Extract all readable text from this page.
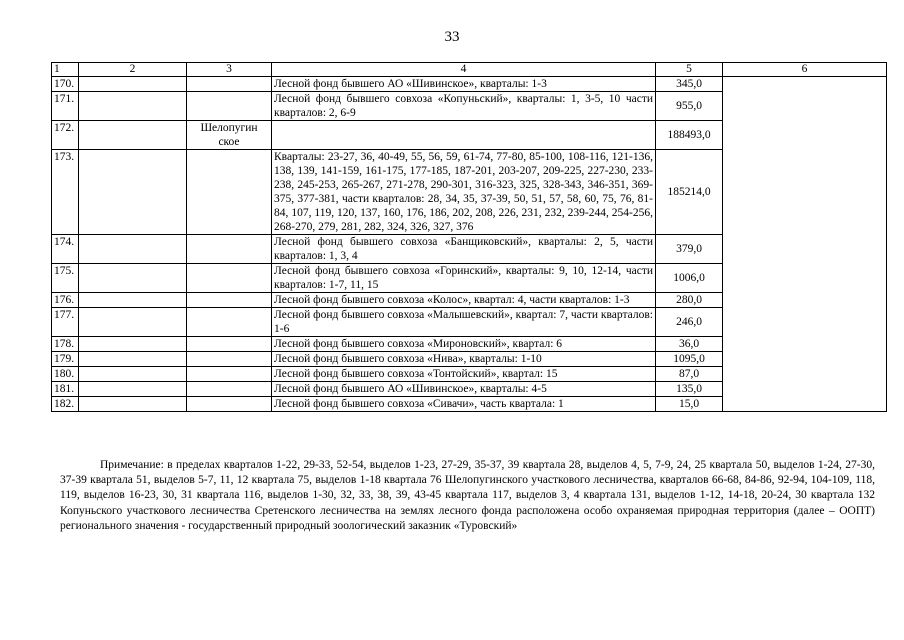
33
1	2	3	4	5	6
170.			Лесной фонд бывшего АО «Шивинское», кварталы: 1-3	345,0	
171.			Лесной фонд бывшего совхоза «Копуньский», кварталы: 1, 3-5, 10 части кварталов: 2, 6-9	955,0	
172.		Шелопугин ское		188493,0	
173.			Кварталы: 23-27, 36, 40-49, 55, 56, 59, 61-74, 77-80, 85-100, 108-116, 121-136, 138, 139, 141-159, 161-175, 177-185, 187-201, 203-207, 209-225, 227-230, 233-238, 245-253, 265-267, 271-278, 290-301, 316-323, 325, 328-343, 346-351, 369-375, 377-381, части кварталов: 28, 34, 35, 37-39, 50, 51, 57, 58, 60, 75, 76, 81-84, 107, 119, 120, 137, 160, 176, 186, 202, 208, 226, 231, 232, 239-244, 254-256, 268-270, 279, 281, 282, 324, 326, 327, 376	185214,0	
174.			Лесной фонд бывшего совхоза «Банщиковский», кварталы: 2, 5, части кварталов: 1, 3, 4	379,0	
175.			Лесной фонд бывшего совхоза «Горинский», кварталы: 9, 10, 12-14, части кварталов: 1-7, 11, 15	1006,0	
176.			Лесной фонд бывшего совхоза «Колос», квартал: 4, части кварталов: 1-3	280,0	
177.			Лесной фонд бывшего совхоза «Малышевский», квартал: 7, части кварталов: 1-6	246,0	
178.			Лесной фонд бывшего совхоза «Мироновский», квартал: 6	36,0	
179.			Лесной фонд бывшего совхоза «Нива», кварталы: 1-10	1095,0	
180.			Лесной фонд бывшего совхоза «Тонтойский», квартал: 15	87,0	
181.			Лесной фонд бывшего АО «Шивинское», кварталы: 4-5	135,0	
182.			Лесной фонд бывшего совхоза «Сивачи», часть квартала: 1	15,0	
Примечание: в пределах кварталов 1-22, 29-33, 52-54, выделов 1-23, 27-29, 35-37, 39 квартала 28, выделов 4, 5, 7-9, 24, 25 квартала 50, выделов 1-24, 27-30, 37-39 квартала 51, выделов 5-7, 11, 12 квартала 75, выделов 1-18 квартала 76 Шелопугинского участкового лесничества, кварталов 66-68, 84-86, 92-94, 104-109, 118, 119, выделов 16-23, 30, 31 квартала 116, выделов 1-30, 32, 33, 38, 39, 43-45 квартала 117, выделов 3, 4 квартала 131, выделов 1-12, 14-18, 20-24, 30 квартала 132 Копуньского участкового лесничества Сретенского лесничества на землях лесного фонда расположена особо охраняемая природная территория (далее – ООПТ) регионального значения - государственный природный зоологический заказник «Туровский»
